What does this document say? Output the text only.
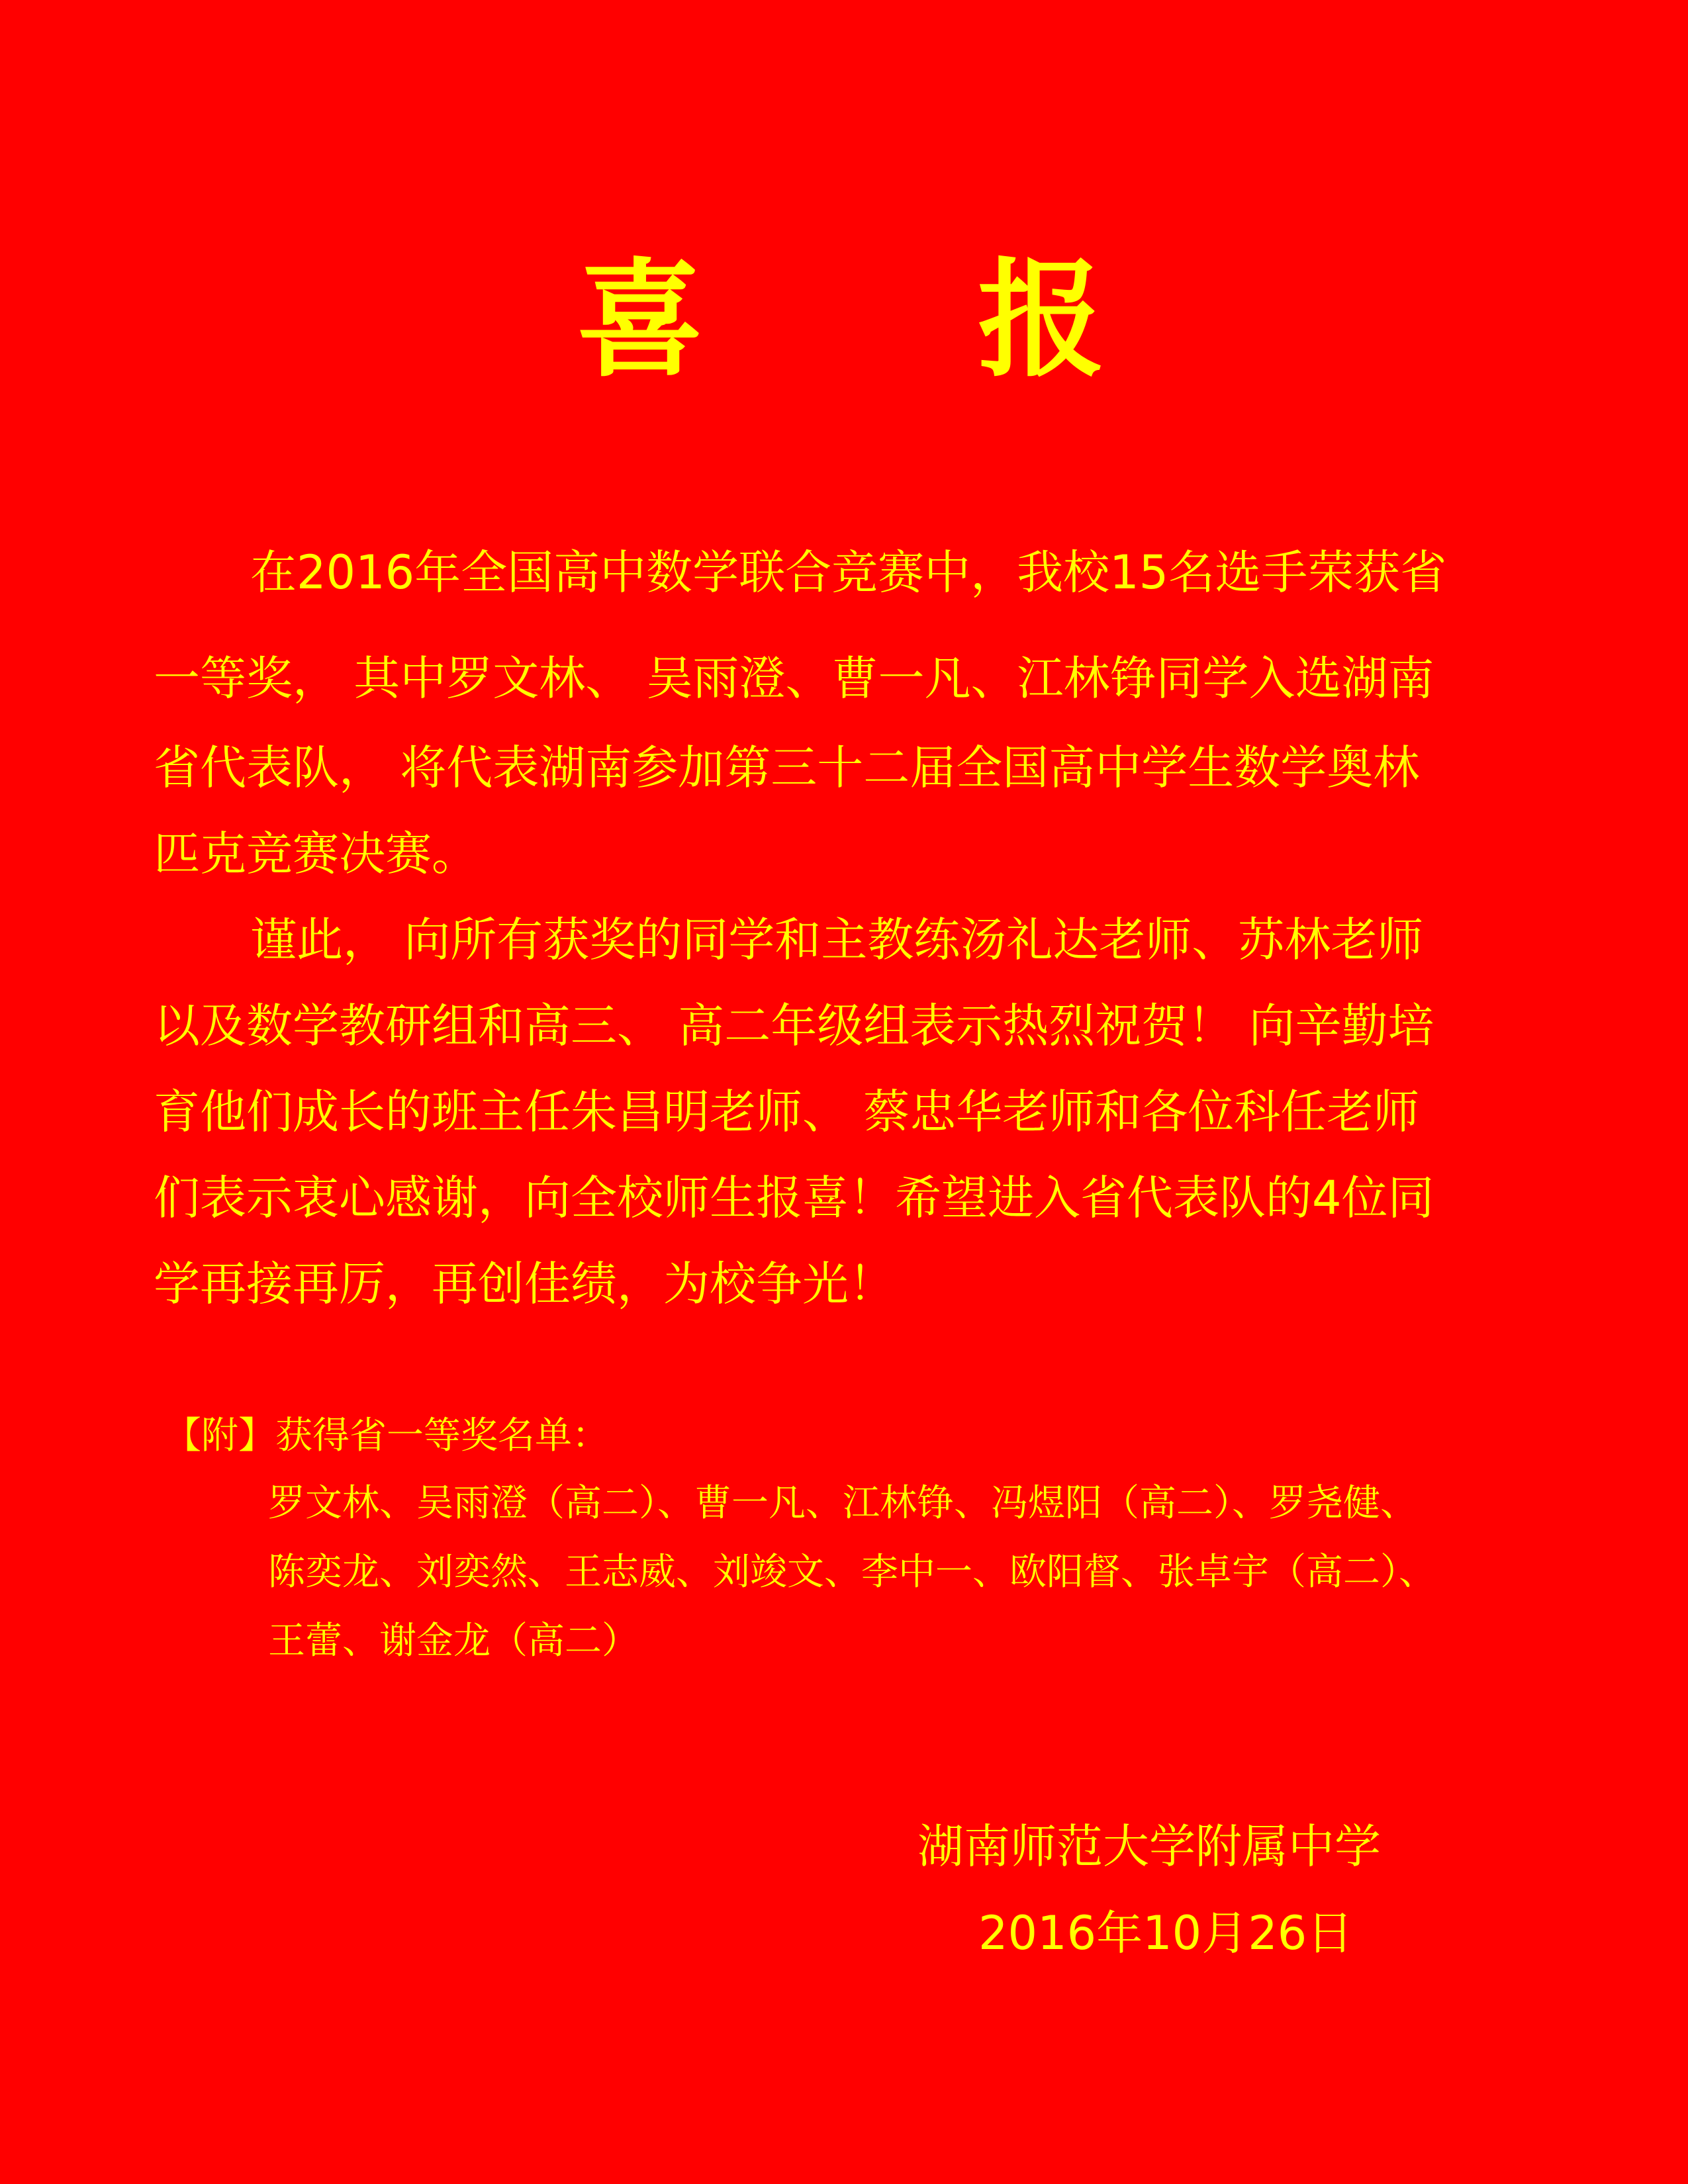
喜　　报
在2016年全国高中数学联合竞赛中，我校15名选手荣获省
一等奖， 其中罗文林、 吴雨澄、曹一凡、江林铮同学入选湖南
省代表队， 将代表湖南参加第三十二届全国高中学生数学奥林
匹克竞赛决赛。
谨此， 向所有获奖的同学和主教练汤礼达老师、苏林老师
以及数学教研组和高三、 高二年级组表示热烈祝贺！ 向辛勤培
育他们成长的班主任朱昌明老师、 蔡忠华老师和各位科任老师
们表示衷心感谢，向全校师生报喜！希望进入省代表队的4位同
学再接再厉，再创佳绩，为校争光！
【附】获得省一等奖名单：
罗文林、吴雨澄（高二）、曹一凡、江林铮、冯煜阳（高二）、罗尧健、
陈奕龙、刘奕然、王志威、刘竣文、李中一、欧阳督、张卓宇（高二）、
王蕾、谢金龙（高二）
湖南师范大学附属中学
2016年10月26日
